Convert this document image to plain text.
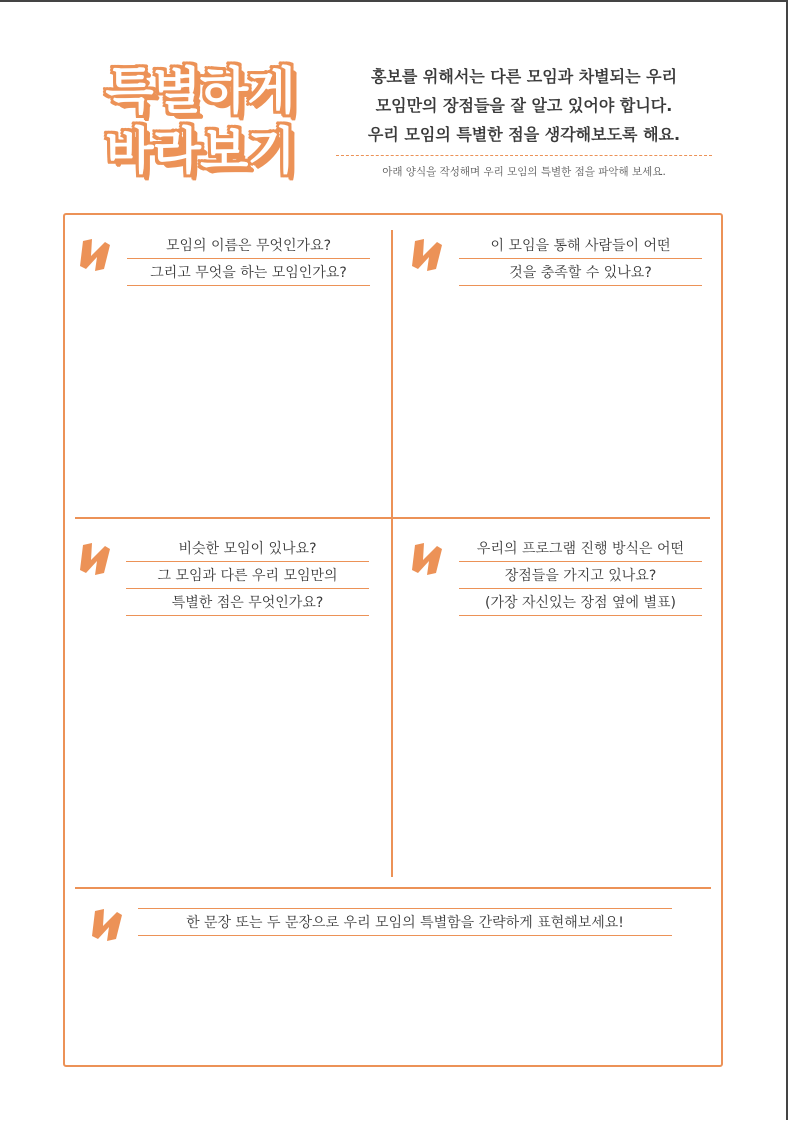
특별하게
바라보기
홍보를 위해서는 다른 모임과 차별되는 우리
모임만의 장점들을 잘 알고 있어야 합니다.
우리 모임의 특별한 점을 생각해보도록 해요.
아래 양식을 작성해며 우리 모임의 특별한 점을 파악해 보세요.
모임의 이름은 무엇인가요?
그리고 무엇을 하는 모임인가요?
이 모임을 통해 사람들이 어떤
것을 충족할 수 있나요?
비슷한 모임이 있나요?
그 모임과 다른 우리 모임만의
특별한 점은 무엇인가요?
우리의 프로그램 진행 방식은 어떤
장점들을 가지고 있나요?
(가장 자신있는 장점 옆에 별표)
한 문장 또는 두 문장으로 우리 모임의 특별함을 간략하게 표현해보세요!
